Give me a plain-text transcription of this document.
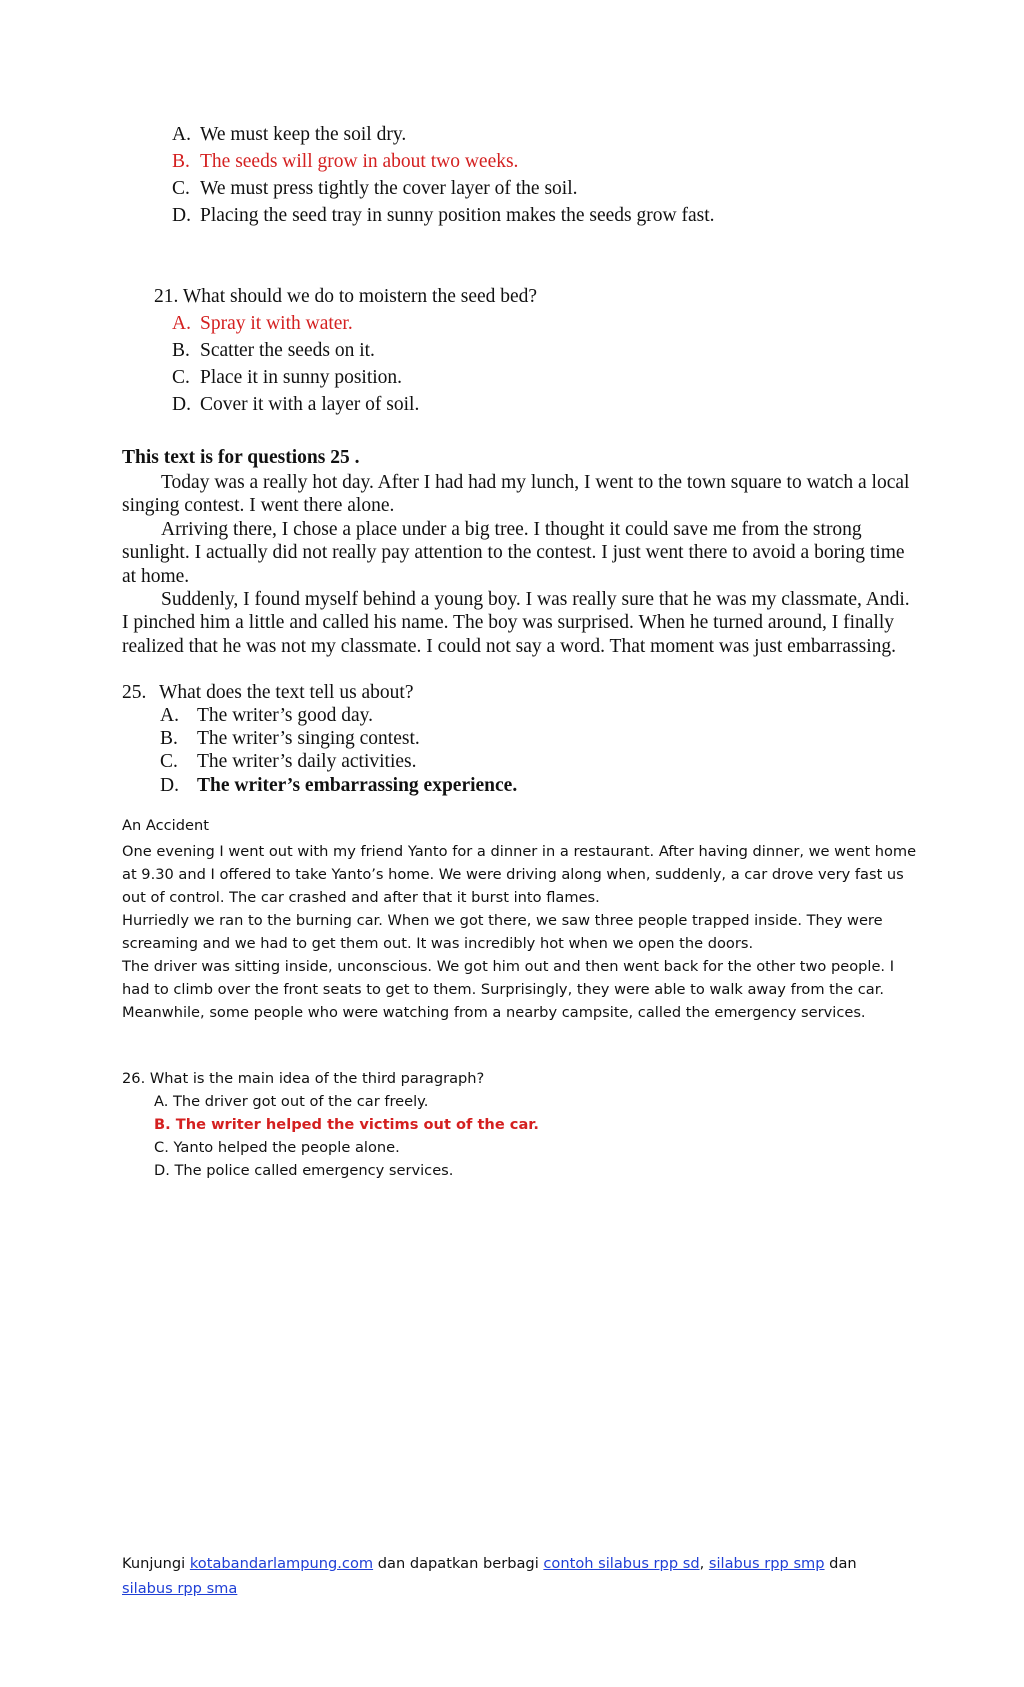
A. We must keep the soil dry.
B. The seeds will grow in about two weeks.
C. We must press tightly the cover layer of the soil.
D. Placing the seed tray in sunny position makes the seeds grow fast.
21. What should we do to moistern the seed bed?
A. Spray it with water.
B. Scatter the seeds on it.
C. Place it in sunny position.
D. Cover it with a layer of soil.
This text is for questions 25 .

Today was a really hot day. After I had had my lunch, I went to the town square to watch a local singing contest. I went there alone.

Arriving there, I chose a place under a big tree. I thought it could save me from the strong sunlight. I actually did not really pay attention to the contest. I just went there to avoid a boring time at home.

Suddenly, I found myself behind a young boy. I was really sure that he was my classmate, Andi. I pinched him a little and called his name. The boy was surprised. When he turned around, I finally realized that he was not my classmate. I could not say a word. That moment was just embarrassing.

25. What does the text tell us about?
A. The writer’s good day.
B. The writer’s singing contest.
C. The writer’s daily activities.
D. The writer’s embarrassing experience.
An Accident

One evening I went out with my friend Yanto for a dinner in a restaurant. After having dinner, we went home at 9.30 and I offered to take Yanto’s home. We were driving along when, suddenly, a car drove very fast us out of control. The car crashed and after that it burst into flames.

Hurriedly we ran to the burning car. When we got there, we saw three people trapped inside. They were screaming and we had to get them out. It was incredibly hot when we open the doors.

The driver was sitting inside, unconscious. We got him out and then went back for the other two people. I had to climb over the front seats to get to them. Surprisingly, they were able to walk away from the car. Meanwhile, some people who were watching from a nearby campsite, called the emergency services.

26. What is the main idea of the third paragraph?
A. The driver got out of the car freely.
B. The writer helped the victims out of the car.
C. Yanto helped the people alone.
D. The police called emergency services.
Kunjungi kotabandarlampung.com dan dapatkan berbagi contoh silabus rpp sd, silabus rpp smp dan
silabus rpp sma
